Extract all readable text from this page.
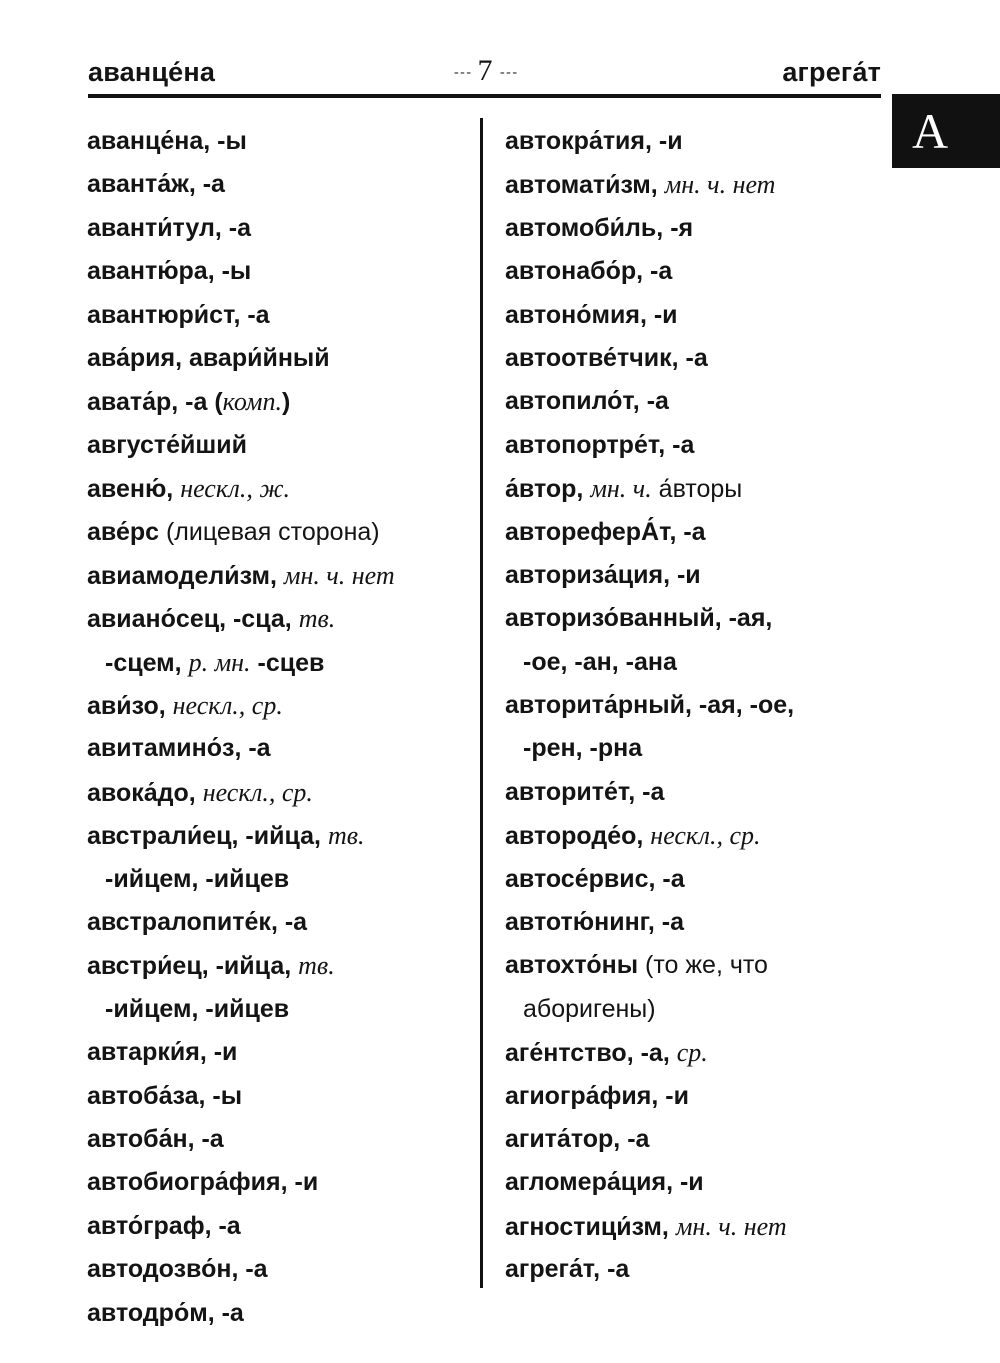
аванце́на	- - - 7 - - -	агрега́т
А
аванце́на, -ы
аванта́ж, -а
аванти́тул, -а
авантю́ра, -ы
авантюри́ст, -а
ава́рия, авари́йный
авата́р, -а (комп.)
августе́йший
авеню́, нескл., ж.
аве́рс (лицевая сторона)
авиамодели́зм, мн. ч. нет
авиано́сец, -сца, тв.
-сцем, р. мн. -сцев
ави́зо, нескл., ср.
авитамино́з, -а
авока́до, нескл., ср.
австрали́ец, -ийца, тв.
-ийцем, -ийцев
австралопите́к, -а
австри́ец, -ийца, тв.
-ийцем, -ийцев
автарки́я, -и
автоба́за, -ы
автоба́н, -а
автобиогра́фия, -и
авто́граф, -а
автодозво́н, -а
автодро́м, -а
автокра́тия, -и
автомати́зм, мн. ч. нет
автомоби́ль, -я
автонабо́р, -а
автоно́мия, -и
автоотве́тчик, -а
автопило́т, -а
автопортре́т, -а
а́втор, мн. ч. а́вторы
автореферА́т, -а
авториза́ция, -и
авторизо́ванный, -ая,
-ое, -ан, -ана
авторита́рный, -ая, -ое,
-рен, -рна
авторите́т, -а
автороде́о, нескл., ср.
автосе́рвис, -а
автотю́нинг, -а
автохто́ны (то же, что
аборигены)
аге́нтство, -а, ср.
агиогра́фия, -и
агита́тор, -а
агломера́ция, -и
агностици́зм, мн. ч. нет
агрега́т, -а
